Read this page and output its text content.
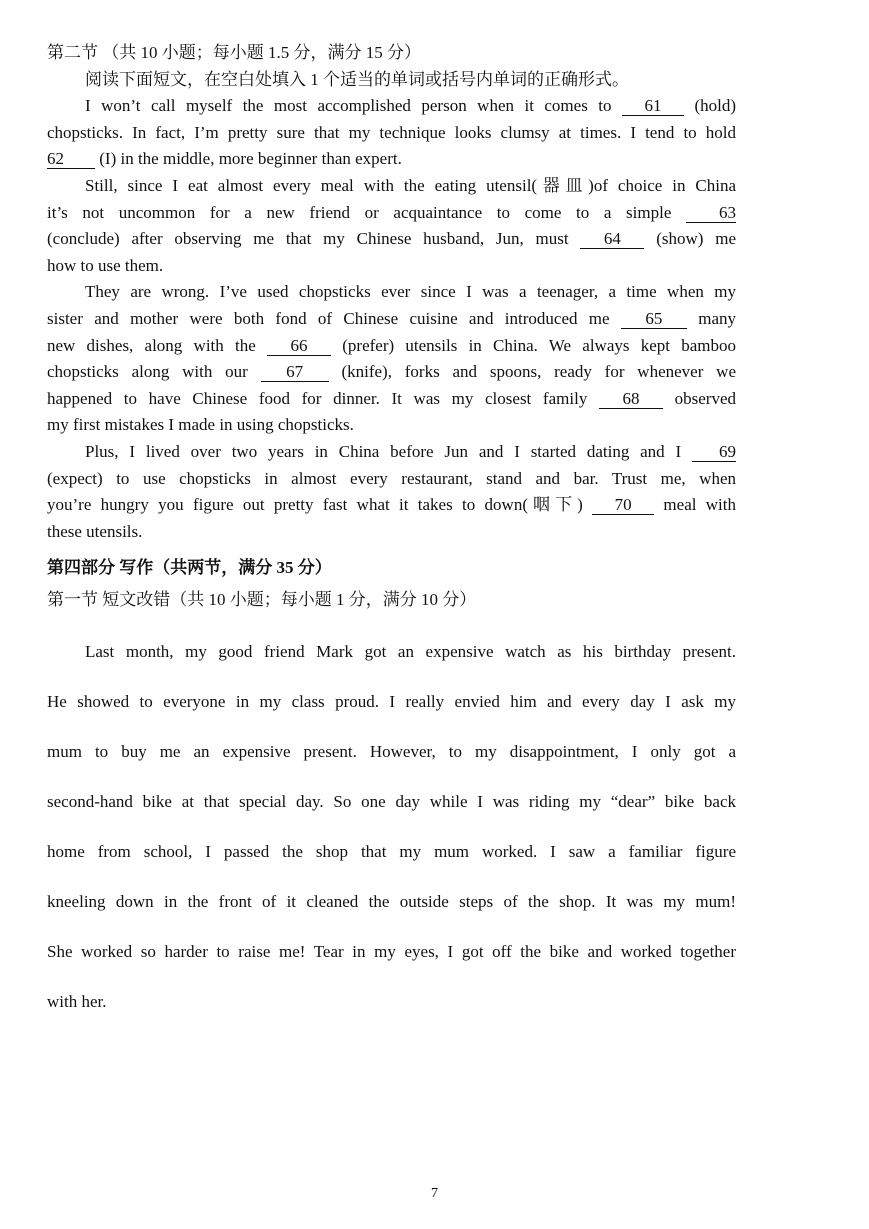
第二节 （共 10 小题；每小题 1.5 分，满分 15 分）
阅读下面短文，在空白处填入 1 个适当的单词或括号内单词的正确形式。
I won’t call myself the most accomplished person when it comes to 61 (hold)
chopsticks. In fact, I’m pretty sure that my technique looks clumsy at times. I tend to hold
62 (I) in the middle, more beginner than expert.
Still, since I eat almost every meal with the eating utensil(器皿)of choice in China
it’s not uncommon for a new friend or acquaintance to come to a simple 63
(conclude) after observing me that my Chinese husband, Jun, must 64 (show) me
how to use them.
They are wrong. I’ve used chopsticks ever since I was a teenager, a time when my
sister and mother were both fond of Chinese cuisine and introduced me 65 many
new dishes, along with the 66 (prefer) utensils in China. We always kept bamboo
chopsticks along with our 67 (knife), forks and spoons, ready for whenever we
happened to have Chinese food for dinner. It was my closest family 68 observed
my first mistakes I made in using chopsticks.
Plus, I lived over two years in China before Jun and I started dating and I 69
(expect) to use chopsticks in almost every restaurant, stand and bar. Trust me, when
you’re hungry you figure out pretty fast what it takes to down(咽下) 70 meal with
these utensils.
第四部分 写作（共两节，满分 35 分）
第一节 短文改错（共 10 小题；每小题 1 分，满分 10 分）
Last month, my good friend Mark got an expensive watch as his birthday present.
He showed to everyone in my class proud. I really envied him and every day I ask my
mum to buy me an expensive present. However, to my disappointment, I only got a
second-hand bike at that special day. So one day while I was riding my “dear” bike back
home from school, I passed the shop that my mum worked. I saw a familiar figure
kneeling down in the front of it cleaned the outside steps of the shop. It was my mum!
She worked so harder to raise me! Tear in my eyes, I got off the bike and worked together
with her.
7
